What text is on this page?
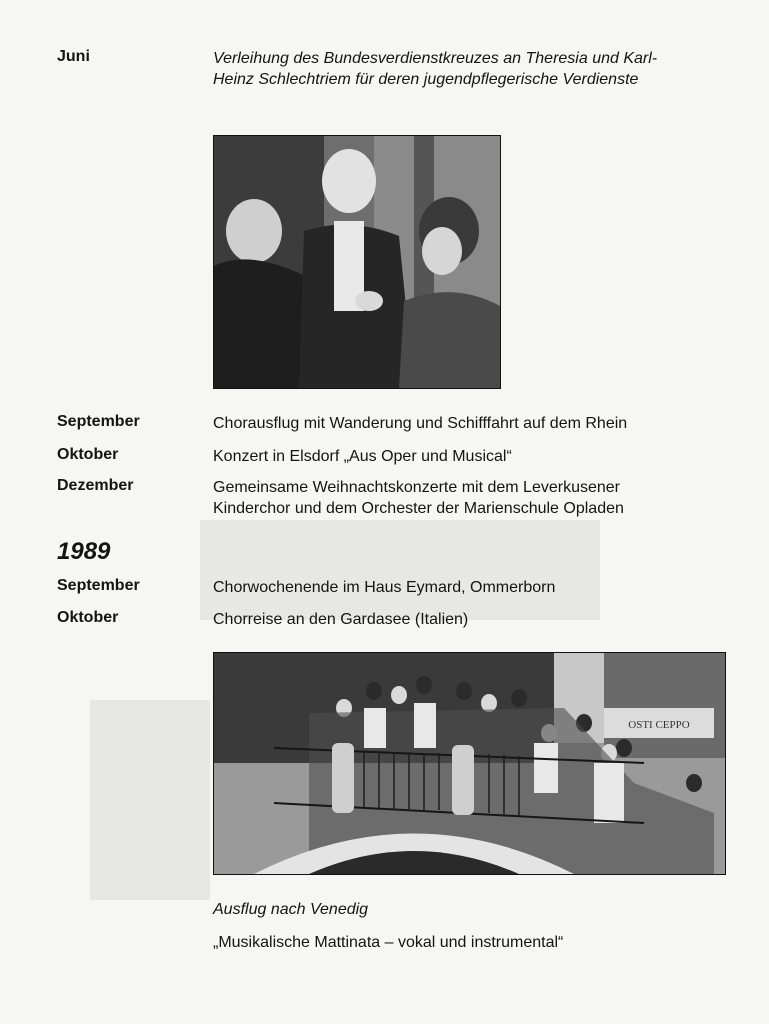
Juni	Verleihung des Bundesverdienstkreuzes an Theresia und Karl-Heinz Schlechtriem für deren jugendpflegerische Verdienste
September	Chorausflug mit Wanderung und Schifffahrt auf dem Rhein
Oktober	Konzert in Elsdorf „Aus Oper und Musical“
Dezember	Gemeinsame Weihnachtskonzerte mit dem Leverkusener Kinderchor und dem Orchester der Marienschule Opladen
1989
September	Chorwochenende im Haus Eymard, Ommerborn
Oktober	Chorreise an den Gardasee (Italien)
OSTI CEPPO
Ausflug nach Venedig
„Musikalische Mattinata – vokal und instrumental“
